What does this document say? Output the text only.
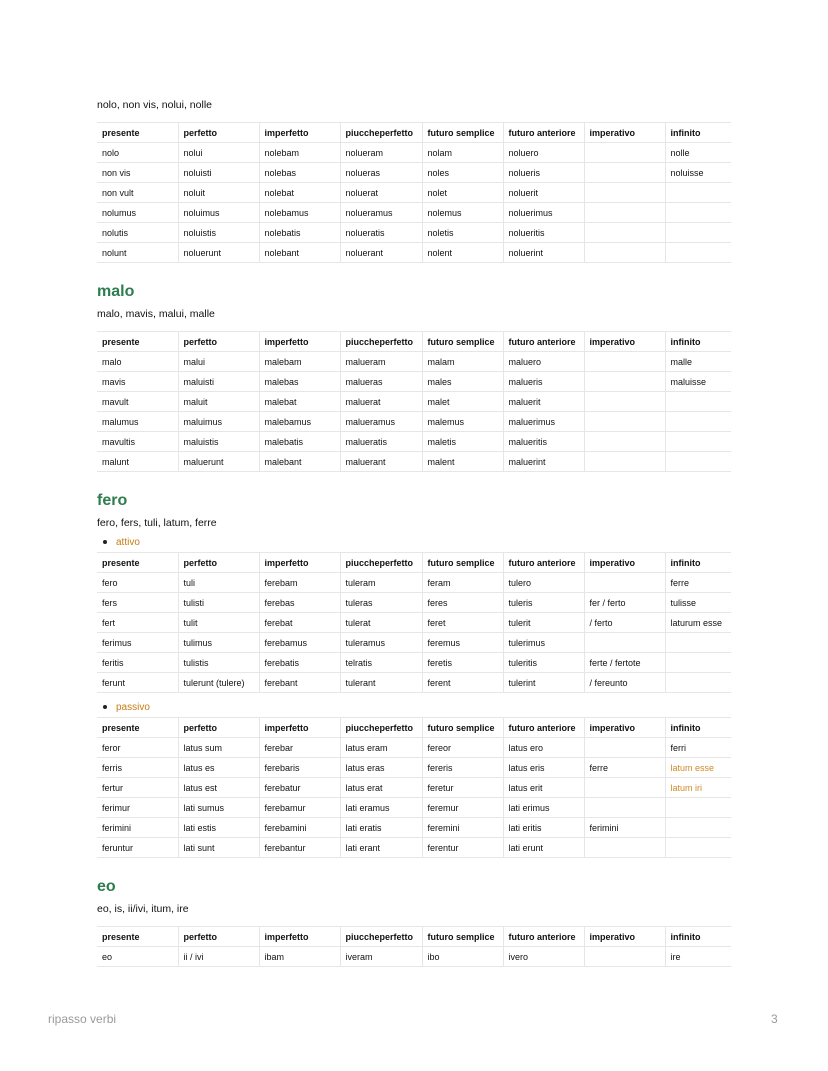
nolo, non vis, nolui, nolle

presente	perfetto	imperfetto	piuccheperfetto	futuro semplice	futuro anteriore	imperativo	infinito
nolo	nolui	nolebam	nolueram	nolam	noluero		nolle
non vis	noluisti	nolebas	nolueras	noles	nolueris		noluisse
non vult	noluit	nolebat	noluerat	nolet	noluerit		
nolumus	noluimus	nolebamus	nolueramus	nolemus	noluerimus		
nolutis	noluistis	nolebatis	nolueratis	noletis	nolueritis		
nolunt	noluerunt	nolebant	noluerant	nolent	noluerint		
malo

malo, mavis, malui, malle

presente	perfetto	imperfetto	piuccheperfetto	futuro semplice	futuro anteriore	imperativo	infinito
malo	malui	malebam	malueram	malam	maluero		malle
mavis	maluisti	malebas	malueras	males	malueris		maluisse
mavult	maluit	malebat	maluerat	malet	maluerit		
malumus	maluimus	malebamus	malueramus	malemus	maluerimus		
mavultis	maluistis	malebatis	malueratis	maletis	malueritis		
malunt	maluerunt	malebant	maluerant	malent	maluerint		
fero

fero, fers, tuli, latum, ferre

attivo
presente	perfetto	imperfetto	piuccheperfetto	futuro semplice	futuro anteriore	imperativo	infinito
fero	tuli	ferebam	tuleram	feram	tulero		ferre
fers	tulisti	ferebas	tuleras	feres	tuleris	fer / ferto	tulisse
fert	tulit	ferebat	tulerat	feret	tulerit	/ ferto	laturum esse
ferimus	tulimus	ferebamus	tuleramus	feremus	tulerimus		
feritis	tulistis	ferebatis	telratis	feretis	tuleritis	ferte / fertote	
ferunt	tulerunt (tulere)	ferebant	tulerant	ferent	tulerint	/ fereunto	
passivo
presente	perfetto	imperfetto	piuccheperfetto	futuro semplice	futuro anteriore	imperativo	infinito
feror	latus sum	ferebar	latus eram	fereor	latus ero		ferri
ferris	latus es	ferebaris	latus eras	fereris	latus eris	ferre	latum esse
fertur	latus est	ferebatur	latus erat	feretur	latus erit		latum iri
ferimur	lati sumus	ferebamur	lati eramus	feremur	lati erimus		
ferimini	lati estis	ferebamini	lati eratis	feremini	lati eritis	ferimini	
feruntur	lati sunt	ferebantur	lati erant	ferentur	lati erunt		
eo

eo, is, ii/ivi, itum, ire

presente	perfetto	imperfetto	piuccheperfetto	futuro semplice	futuro anteriore	imperativo	infinito
eo	ii / ivi	ibam	iveram	ibo	ivero		ire
ripasso verbi	3
